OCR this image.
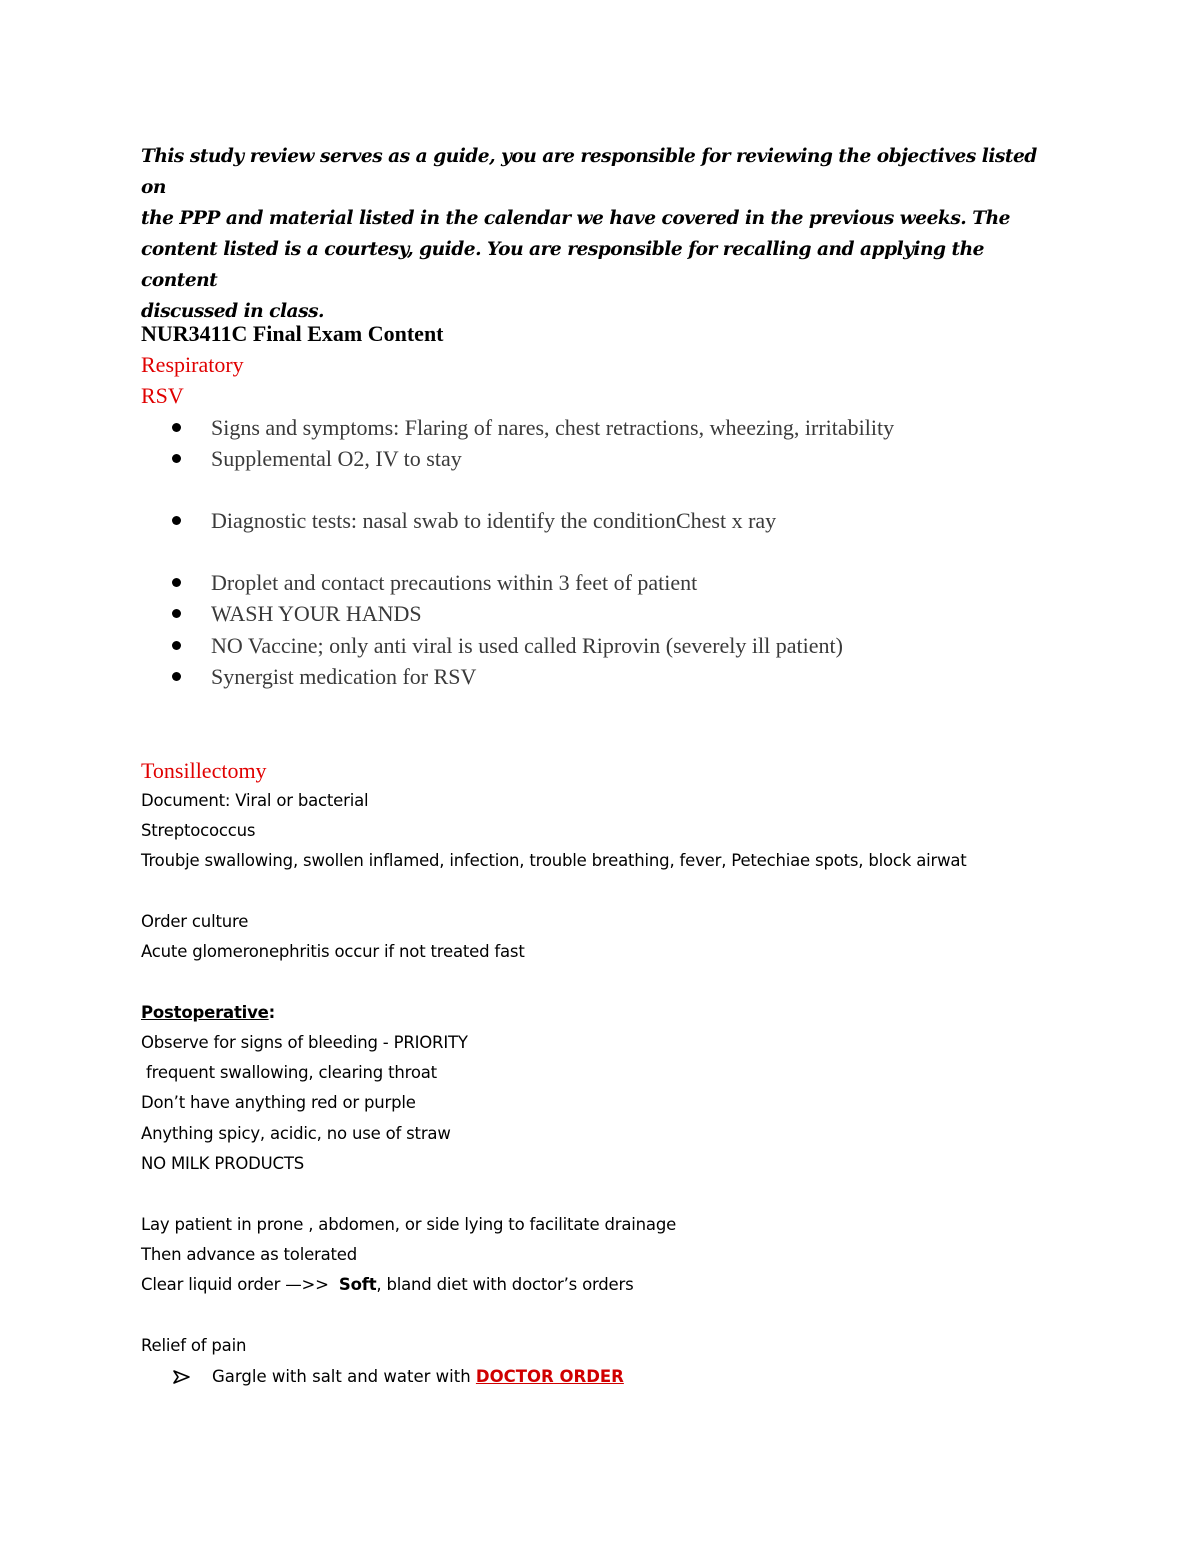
This study review serves as a guide, you are responsible for reviewing the objectives listed on
the PPP and material listed in the calendar we have covered in the previous weeks. The
content listed is a courtesy, guide. You are responsible for recalling and applying the content
discussed in class.
NUR3411C Final Exam Content
Respiratory
RSV
Signs and symptoms: Flaring of nares, chest retractions, wheezing, irritability
Supplemental O2, IV to stay
Diagnostic tests: nasal swab to identify the conditionChest x ray
Droplet and contact precautions within 3 feet of patient
WASH YOUR HANDS
NO Vaccine; only anti viral is used called Riprovin (severely ill patient)
Synergist medication for RSV
Tonsillectomy
Document: Viral or bacterial
Streptococcus
Troubje swallowing, swollen inflamed, infection, trouble breathing, fever, Petechiae spots, block airwat
Order culture
Acute glomeronephritis occur if not treated fast
Postoperative:
Observe for signs of bleeding - PRIORITY
frequent swallowing, clearing throat
Don’t have anything red or purple
Anything spicy, acidic, no use of straw
NO MILK PRODUCTS
Lay patient in prone , abdomen, or side lying to facilitate drainage
Then advance as tolerated
Clear liquid order —>>  Soft, bland diet with doctor’s orders
Relief of pain
Gargle with salt and water with DOCTOR ORDER
